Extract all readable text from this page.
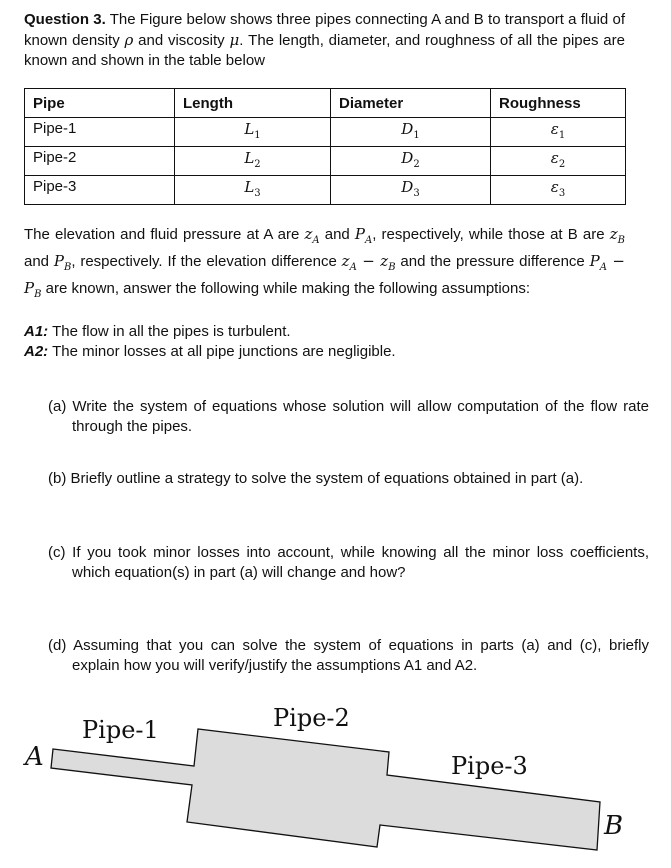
Question 3. The Figure below shows three pipes connecting A and B to transport a fluid of known density ρ and viscosity μ. The length, diameter, and roughness of all the pipes are known and shown in the table below
Pipe	Length	Diameter	Roughness
Pipe-1	$L_1$	$D_1$	$\varepsilon_1$
Pipe-2	$L_2$	$D_2$	$\varepsilon_2$
Pipe-3	$L_3$	$D_3$	$\varepsilon_3$
The elevation and fluid pressure at A are $z_A$ and $P_A$, respectively, while those at B are $z_B$ and $P_B$, respectively. If the elevation difference $z_A - z_B$ and the pressure difference $P_A - P_B$ are known, answer the following while making the following assumptions:
A1: The flow in all the pipes is turbulent.
A2: The minor losses at all pipe junctions are negligible.
(a) Write the system of equations whose solution will allow computation of the flow rate through the pipes.
(b) Briefly outline a strategy to solve the system of equations obtained in part (a).
(c) If you took minor losses into account, while knowing all the minor loss coefficients, which equation(s) in part (a) will change and how?
(d) Assuming that you can solve the system of equations in parts (a) and (c), briefly explain how you will verify/justify the assumptions A1 and A2.
Pipe-1	Pipe-2
Pipe-3
A
B
